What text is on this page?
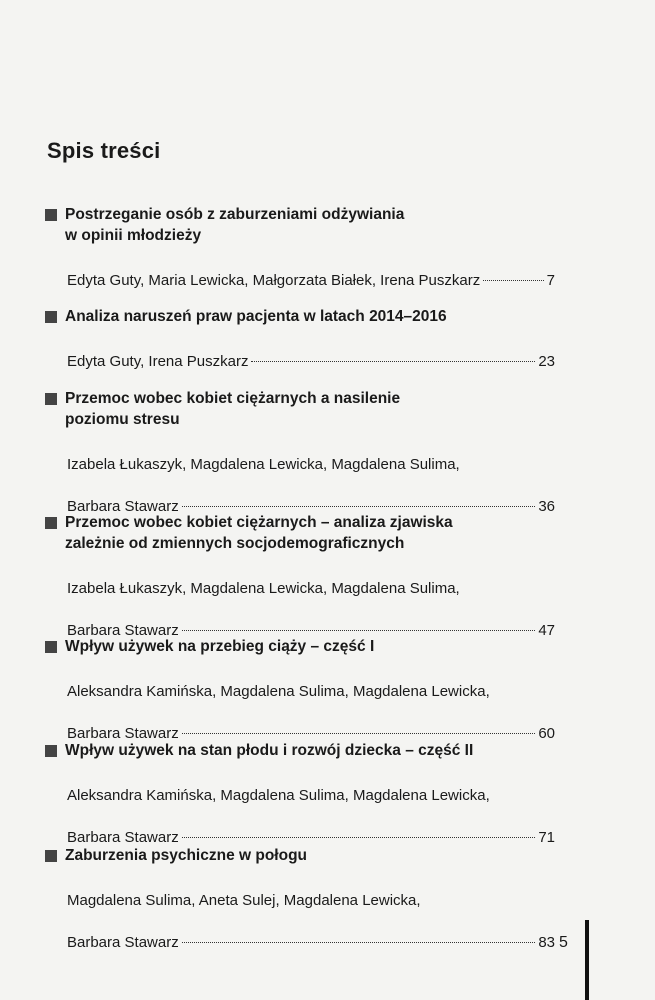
Spis treści
Postrzeganie osób z zaburzeniami odżywiania
w opinii młodzieży

Edyta Guty, Maria Lewicka, Małgorzata Białek, Irena Puszkarz	7

Analiza naruszeń praw pacjenta w latach 2014–2016

Edyta Guty, Irena Puszkarz	23

Przemoc wobec kobiet ciężarnych a nasilenie
poziomu stresu

Izabela Łukaszyk, Magdalena Lewicka, Magdalena Sulima,

Barbara Stawarz	36

Przemoc wobec kobiet ciężarnych – analiza zjawiska
zależnie od zmiennych socjodemograficznych

Izabela Łukaszyk, Magdalena Lewicka, Magdalena Sulima,

Barbara Stawarz	47

Wpływ używek na przebieg ciąży – część I

Aleksandra Kamińska, Magdalena Sulima, Magdalena Lewicka,

Barbara Stawarz	60

Wpływ używek na stan płodu i rozwój dziecka – część II

Aleksandra Kamińska, Magdalena Sulima, Magdalena Lewicka,

Barbara Stawarz	71

Zaburzenia psychiczne w połogu

Magdalena Sulima, Aneta Sulej, Magdalena Lewicka,

Barbara Stawarz	83 5
